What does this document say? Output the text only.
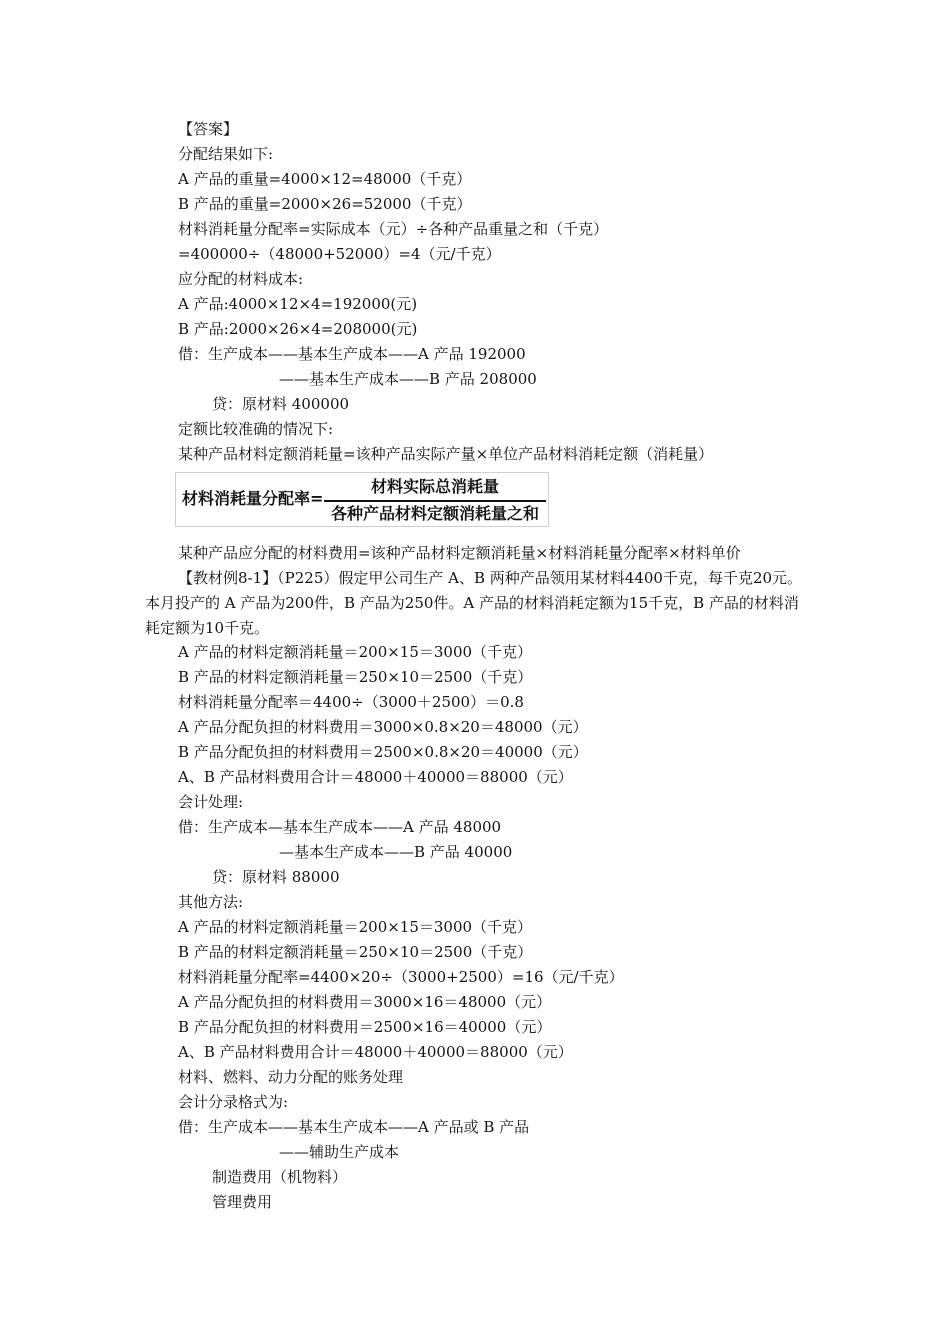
【答案】
分配结果如下:
A 产品的重量=4000×12=48000（千克）
B 产品的重量=2000×26=52000（千克）
材料消耗量分配率=实际成本（元）÷各种产品重量之和（千克）
=400000÷（48000+52000）=4（元/千克）
应分配的材料成本:
A 产品:4000×12×4=192000(元)
B 产品:2000×26×4=208000(元)
借：生产成本——基本生产成本——A 产品 192000
——基本生产成本——B 产品 208000
贷：原材料 400000
定额比较准确的情况下:
某种产品材料定额消耗量=该种产品实际产量×单位产品材料消耗定额（消耗量）
材料消耗量分配率=
材料实际总消耗量
各种产品材料定额消耗量之和
某种产品应分配的材料费用=该种产品材料定额消耗量×材料消耗量分配率×材料单价
【教材例8-1】（P225）假定甲公司生产 A、B 两种产品领用某材料4400千克，每千克20元。本月投产的 A 产品为200件，B 产品为250件。A 产品的材料消耗定额为15千克，B 产品的材料消耗定额为10千克。
A 产品的材料定额消耗量＝200×15＝3000（千克）
B 产品的材料定额消耗量＝250×10＝2500（千克）
材料消耗量分配率＝4400÷（3000＋2500）＝0.8
A 产品分配负担的材料费用＝3000×0.8×20＝48000（元）
B 产品分配负担的材料费用＝2500×0.8×20＝40000（元）
A、B 产品材料费用合计＝48000＋40000＝88000（元）
会计处理:
借：生产成本—基本生产成本——A 产品 48000
—基本生产成本——B 产品 40000
贷：原材料 88000
其他方法:
A 产品的材料定额消耗量＝200×15＝3000（千克）
B 产品的材料定额消耗量＝250×10＝2500（千克）
材料消耗量分配率=4400×20÷（3000+2500）=16（元/千克）
A 产品分配负担的材料费用＝3000×16＝48000（元）
B 产品分配负担的材料费用＝2500×16＝40000（元）
A、B 产品材料费用合计＝48000＋40000＝88000（元）
材料、燃料、动力分配的账务处理
会计分录格式为:
借：生产成本——基本生产成本——A 产品或 B 产品
——辅助生产成本
制造费用（机物料）
管理费用
